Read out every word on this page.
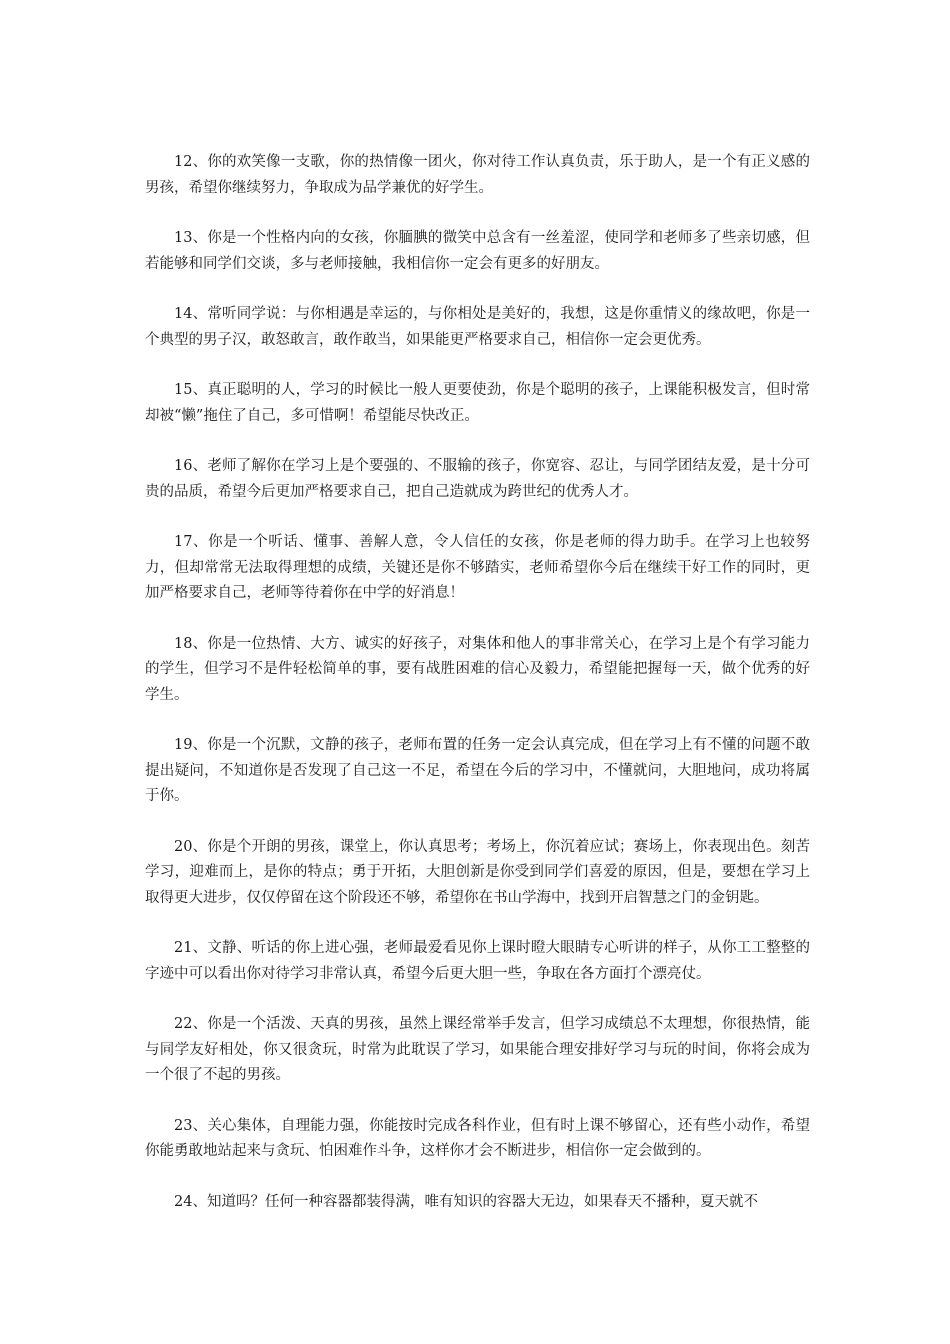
12、你的欢笑像一支歌，你的热情像一团火，你对待工作认真负责，乐于助人，是一个有正义感的男孩，希望你继续努力，争取成为品学兼优的好学生。

13、你是一个性格内向的女孩，你腼腆的微笑中总含有一丝羞涩，使同学和老师多了些亲切感，但若能够和同学们交谈，多与老师接触，我相信你一定会有更多的好朋友。

14、常听同学说：与你相遇是幸运的，与你相处是美好的，我想，这是你重情义的缘故吧，你是一个典型的男子汉，敢怒敢言，敢作敢当，如果能更严格要求自己，相信你一定会更优秀。

15、真正聪明的人，学习的时候比一般人更要使劲，你是个聪明的孩子，上课能积极发言，但时常却被“懒”拖住了自己，多可惜啊！希望能尽快改正。

16、老师了解你在学习上是个要强的、不服输的孩子，你宽容、忍让，与同学团结友爱，是十分可贵的品质，希望今后更加严格要求自己，把自己造就成为跨世纪的优秀人才。

17、你是一个听话、懂事、善解人意，令人信任的女孩，你是老师的得力助手。在学习上也较努力，但却常常无法取得理想的成绩，关键还是你不够踏实，老师希望你今后在继续干好工作的同时，更加严格要求自己，老师等待着你在中学的好消息！

18、你是一位热情、大方、诚实的好孩子，对集体和他人的事非常关心，在学习上是个有学习能力的学生，但学习不是件轻松简单的事，要有战胜困难的信心及毅力，希望能把握每一天，做个优秀的好学生。

19、你是一个沉默，文静的孩子，老师布置的任务一定会认真完成，但在学习上有不懂的问题不敢提出疑问，不知道你是否发现了自己这一不足，希望在今后的学习中，不懂就问，大胆地问，成功将属于你。

20、你是个开朗的男孩，课堂上，你认真思考；考场上，你沉着应试；赛场上，你表现出色。刻苦学习，迎难而上，是你的特点；勇于开拓，大胆创新是你受到同学们喜爱的原因，但是，要想在学习上取得更大进步，仅仅停留在这个阶段还不够，希望你在书山学海中，找到开启智慧之门的金钥匙。

21、文静、听话的你上进心强，老师最爱看见你上课时瞪大眼睛专心听讲的样子，从你工工整整的字迹中可以看出你对待学习非常认真，希望今后更大胆一些，争取在各方面打个漂亮仗。

22、你是一个活泼、天真的男孩，虽然上课经常举手发言，但学习成绩总不太理想，你很热情，能与同学友好相处，你又很贪玩，时常为此耽误了学习，如果能合理安排好学习与玩的时间，你将会成为一个很了不起的男孩。

23、关心集体，自理能力强，你能按时完成各科作业，但有时上课不够留心，还有些小动作，希望你能勇敢地站起来与贪玩、怕困难作斗争，这样你才会不断进步，相信你一定会做到的。

24、知道吗？任何一种容器都装得满，唯有知识的容器大无边，如果春天不播种，夏天就不
